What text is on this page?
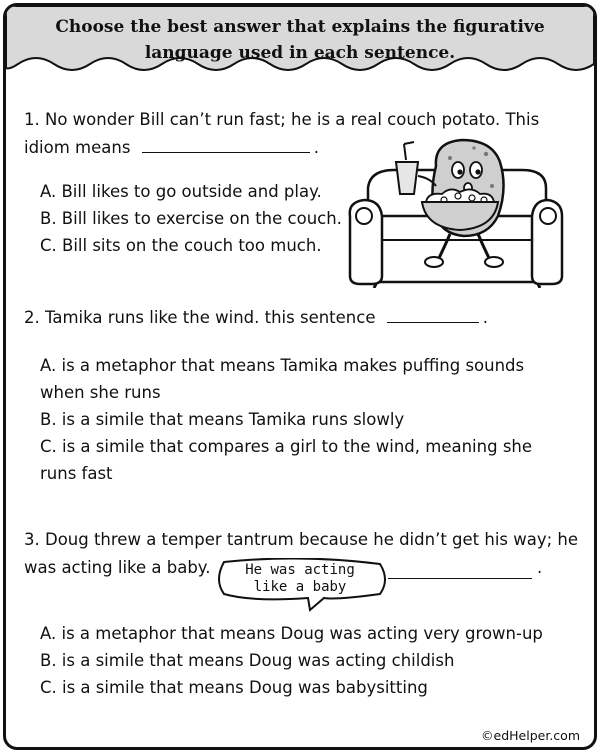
Choose the best answer that explains the figurative
language used in each sentence.
1. No wonder Bill can’t run fast; he is a real couch potato. This
idiom means	.
A. Bill likes to go outside and play.
B. Bill likes to exercise on the couch.
C. Bill sits on the couch too much.
2. Tamika runs like the wind. this sentence	.
A. is a metaphor that means Tamika makes puffing sounds
when she runs
B. is a simile that means Tamika runs slowly
C. is a simile that compares a girl to the wind, meaning she
runs fast
3. Doug threw a temper tantrum because he didn’t get his way; he
was acting like a baby.	.
He was acting
like a baby
A. is a metaphor that means Doug was acting very grown-up
B. is a simile that means Doug was acting childish
C. is a simile that means Doug was babysitting
©edHelper.com
